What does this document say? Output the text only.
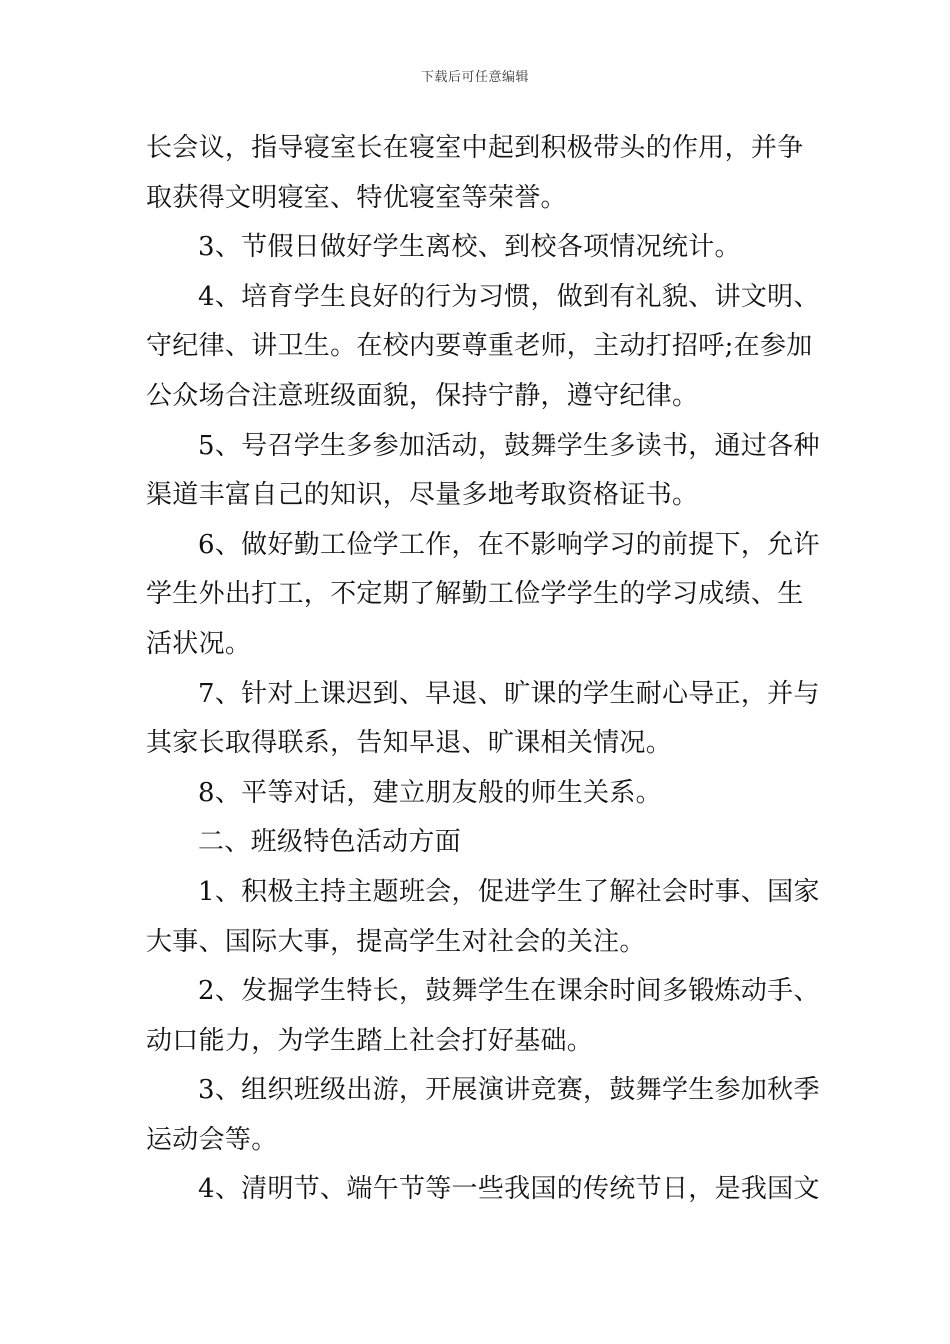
下载后可任意编辑
长会议，指导寝室长在寝室中起到积极带头的作用，并争
取获得文明寝室、特优寝室等荣誉。
3、节假日做好学生离校、到校各项情况统计。
4、培育学生良好的行为习惯，做到有礼貌、讲文明、
守纪律、讲卫生。在校内要尊重老师，主动打招呼;在参加
公众场合注意班级面貌，保持宁静，遵守纪律。
5、号召学生多参加活动，鼓舞学生多读书，通过各种
渠道丰富自己的知识，尽量多地考取资格证书。
6、做好勤工俭学工作，在不影响学习的前提下，允许
学生外出打工，不定期了解勤工俭学学生的学习成绩、生
活状况。
7、针对上课迟到、早退、旷课的学生耐心导正，并与
其家长取得联系，告知早退、旷课相关情况。
8、平等对话，建立朋友般的师生关系。
二、班级特色活动方面
1、积极主持主题班会，促进学生了解社会时事、国家
大事、国际大事，提高学生对社会的关注。
2、发掘学生特长，鼓舞学生在课余时间多锻炼动手、
动口能力，为学生踏上社会打好基础。
3、组织班级出游，开展演讲竞赛，鼓舞学生参加秋季
运动会等。
4、清明节、端午节等一些我国的传统节日，是我国文
